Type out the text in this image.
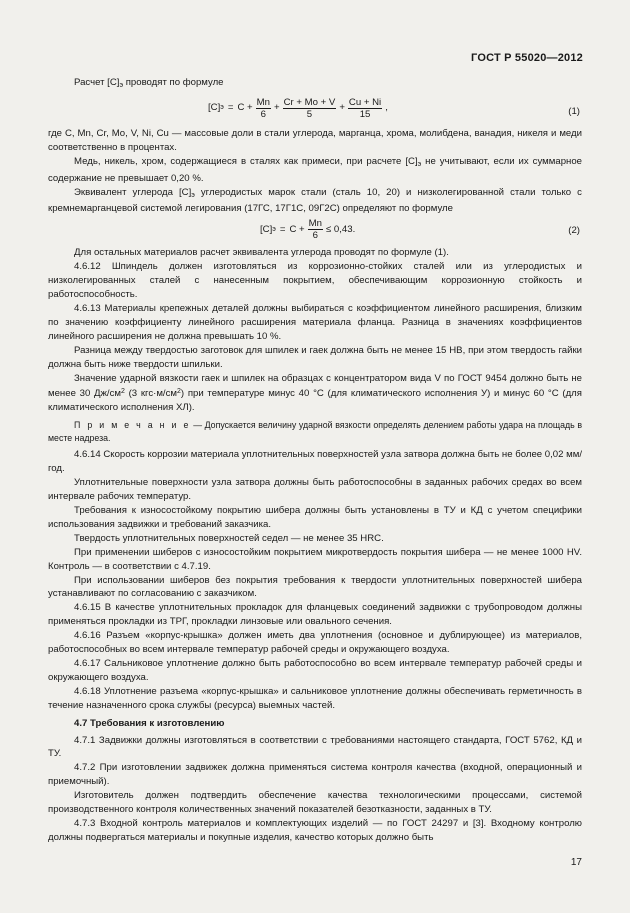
ГОСТ Р 55020—2012

Расчет $[C]_э$ проводят по формуле

[C] $э = C + \frac{Mn}{6} + \frac{Cr + Mo + V}{5} + \frac{Cu + Ni}{15}$ ,	(1)

где C, Mn, Cr, Mo, V, Ni, Cu — массовые доли в стали углерода, марганца, хрома, молибдена, ванадия, никеля и меди соответственно в процентах.

Медь, никель, хром, содержащиеся в сталях как примеси, при расчете $[C]_э$ не учитывают, если их суммарное содержание не превышает 0,20 %.

Эквивалент углерода $[C]_э$ углеродистых марок стали (сталь 10, 20) и низколегированной стали только с кремнемарганцевой системой легирования (17ГС, 17Г1С, 09Г2С) определяют по формуле

[C] $э = C + \frac{Mn}{6} \le 0,43$.	(2)

Для остальных материалов расчет эквивалента углерода проводят по формуле (1).

4.6.12 Шпиндель должен изготовляться из коррозионно-стойких сталей или из углеродистых и низколегированных сталей с нанесенным покрытием, обеспечивающим коррозионную стойкость и работоспособность.

4.6.13 Материалы крепежных деталей должны выбираться с коэффициентом линейного расширения, близким по значению коэффициенту линейного расширения материала фланца. Разница в значениях коэффициентов линейного расширения не должна превышать 10 %.

Разница между твердостью заготовок для шпилек и гаек должна быть не менее 15 HB, при этом твердость гайки должна быть ниже твердости шпильки.

Значение ударной вязкости гаек и шпилек на образцах с концентратором вида V по ГОСТ 9454 должно быть не менее 30 $Дж/см^2$ (3 $кгс\cdot м/см^2$) при температуре минус 40 °С (для климатического исполнения У) и минус 60 °С (для климатического исполнения ХЛ).

П р и м е ч а н и е — Допускается величину ударной вязкости определять делением работы удара на площадь в месте надреза.

4.6.14 Скорость коррозии материала уплотнительных поверхностей узла затвора должна быть не более 0,02 мм/год.

Уплотнительные поверхности узла затвора должны быть работоспособны в заданных рабочих средах во всем интервале рабочих температур.

Требования к износостойкому покрытию шибера должны быть установлены в ТУ и КД с учетом специфики использования задвижки и требований заказчика.

Твердость уплотнительных поверхностей седел — не менее 35 HRC.

При применении шиберов с износостойким покрытием микротвердость покрытия шибера — не менее 1000 HV. Контроль — в соответствии с 4.7.19.

При использовании шиберов без покрытия требования к твердости уплотнительных поверхностей шибера устанавливают по согласованию с заказчиком.

4.6.15 В качестве уплотнительных прокладок для фланцевых соединений задвижки с трубопроводом должны применяться прокладки из ТРГ, прокладки линзовые или овального сечения.

4.6.16 Разъем «корпус-крышка» должен иметь два уплотнения (основное и дублирующее) из материалов, работоспособных во всем интервале температур рабочей среды и окружающего воздуха.

4.6.17 Сальниковое уплотнение должно быть работоспособно во всем интервале температур рабочей среды и окружающего воздуха.

4.6.18 Уплотнение разъема «корпус-крышка» и сальниковое уплотнение должны обеспечивать герметичность в течение назначенного срока службы (ресурса) выемных частей.

4.7 Требования к изготовлению

4.7.1 Задвижки должны изготовляться в соответствии с требованиями настоящего стандарта, ГОСТ 5762, КД и ТУ.

4.7.2 При изготовлении задвижек должна применяться система контроля качества (входной, операционный и приемочный).

Изготовитель должен подтвердить обеспечение качества технологическими процессами, системой производственного контроля количественных значений показателей безотказности, заданных в ТУ.

4.7.3 Входной контроль материалов и комплектующих изделий — по ГОСТ 24297 и [3]. Входному контролю должны подвергаться материалы и покупные изделия, качество которых должно быть

17
